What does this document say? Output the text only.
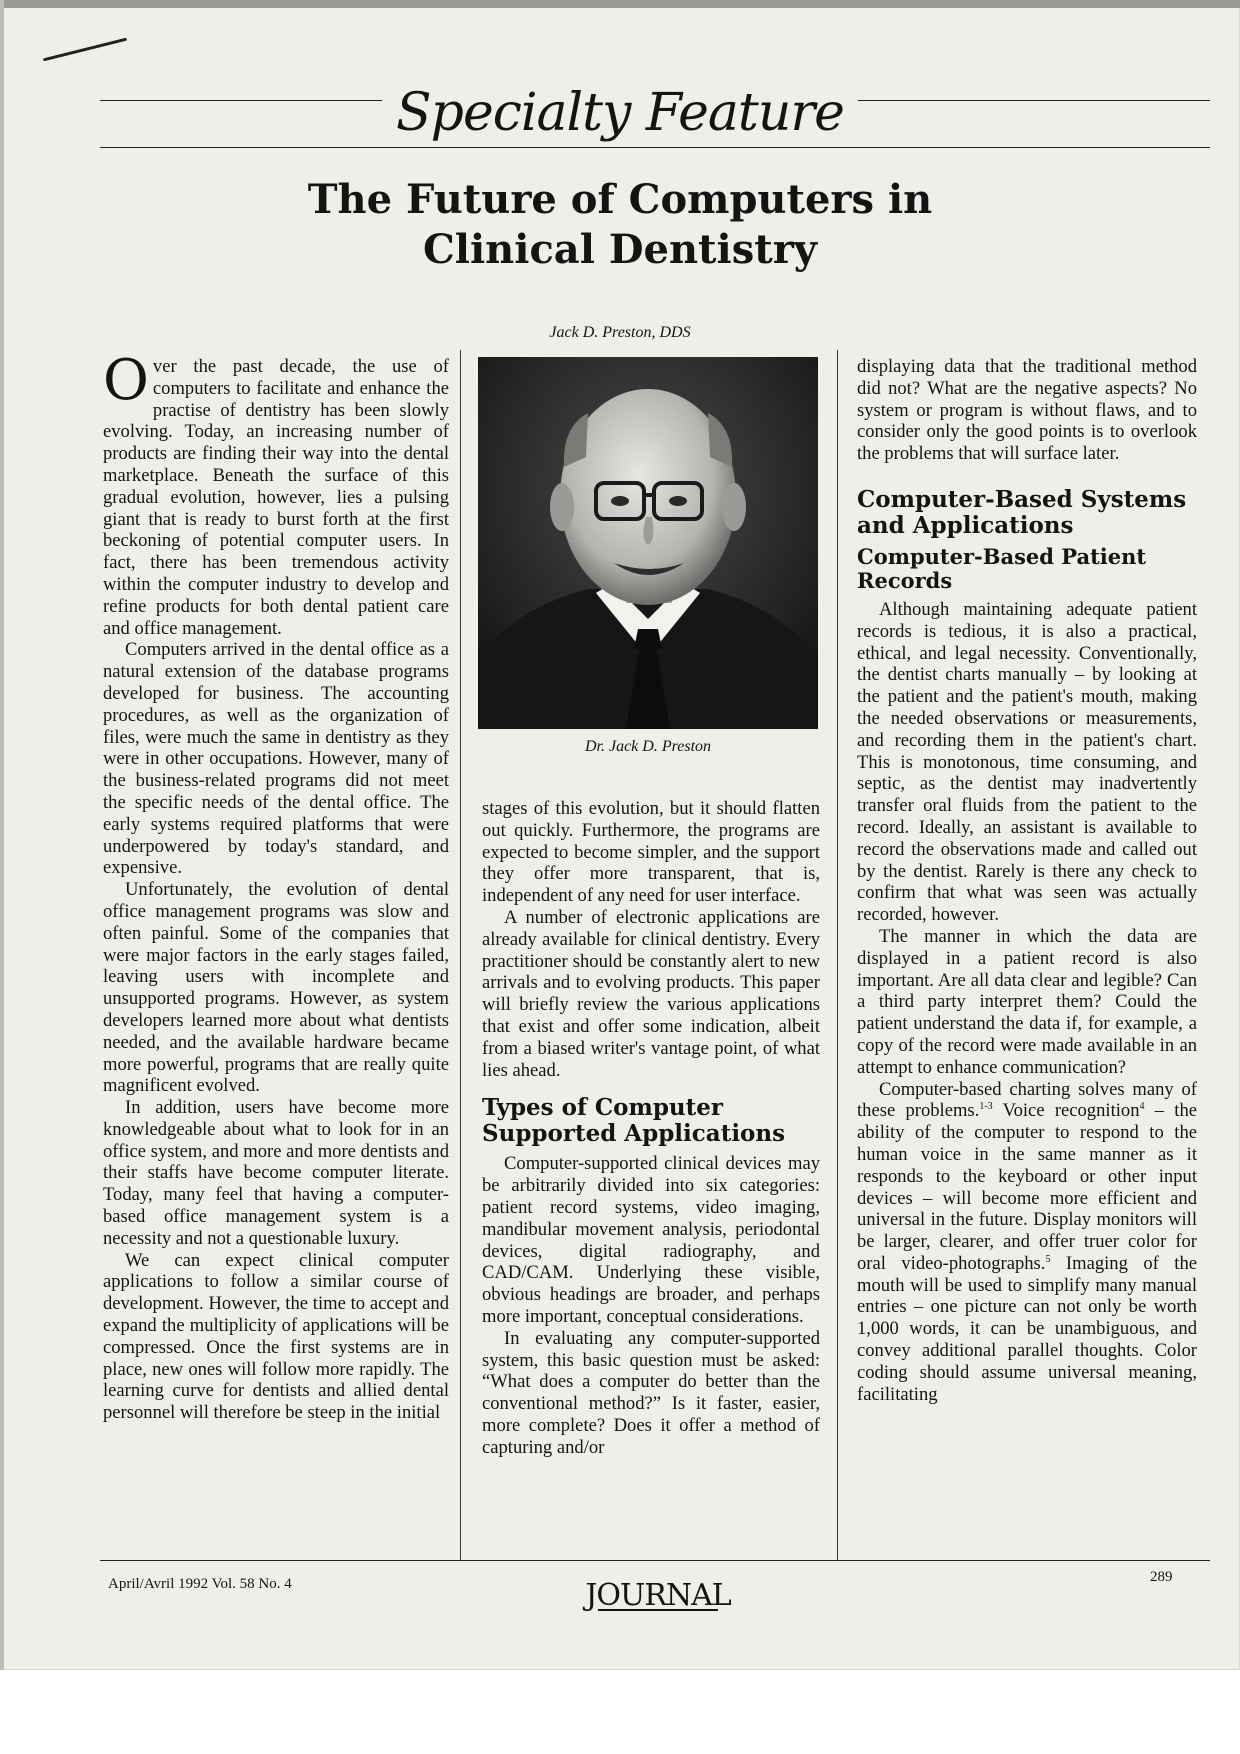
Specialty Feature
The Future of Computers in
Clinical Dentistry
Jack D. Preston, DDS

Over the past decade, the use of computers to facilitate and enhance the practise of dentistry has been slowly evolving. Today, an increasing number of products are finding their way into the dental marketplace. Beneath the surface of this gradual evolution, however, lies a pulsing giant that is ready to burst forth at the first beckoning of potential computer users. In fact, there has been tremendous activity within the computer industry to develop and refine products for both dental patient care and office management.

Computers arrived in the dental office as a natural extension of the database programs developed for business. The accounting procedures, as well as the organization of files, were much the same in dentistry as they were in other occupations. However, many of the business-related programs did not meet the specific needs of the dental office. The early systems required platforms that were underpowered by today's standard, and expensive.

Unfortunately, the evolution of dental office management programs was slow and often painful. Some of the companies that were major factors in the early stages failed, leaving users with incomplete and unsupported programs. However, as system developers learned more about what dentists needed, and the available hardware became more powerful, programs that are really quite magnificent evolved.

In addition, users have become more knowledgeable about what to look for in an office system, and more and more dentists and their staffs have become computer literate. Today, many feel that having a computer-based office management system is a necessity and not a questionable luxury.

We can expect clinical computer applications to follow a similar course of development. However, the time to accept and expand the multiplicity of applications will be compressed. Once the first systems are in place, new ones will follow more rapidly. The learning curve for dentists and allied dental personnel will therefore be steep in the initial

Dr. Jack D. Preston

stages of this evolution, but it should flatten out quickly. Furthermore, the programs are expected to become simpler, and the support they offer more transparent, that is, independent of any need for user interface.

A number of electronic applications are already available for clinical dentistry. Every practitioner should be constantly alert to new arrivals and to evolving products. This paper will briefly review the various applications that exist and offer some indication, albeit from a biased writer's vantage point, of what lies ahead.

Types of Computer Supported Applications

Computer-supported clinical devices may be arbitrarily divided into six categories: patient record systems, video imaging, mandibular movement analysis, periodontal devices, digital radiography, and CAD/CAM. Underlying these visible, obvious headings are broader, and perhaps more important, conceptual considerations.

In evaluating any computer-supported system, this basic question must be asked: “What does a computer do better than the conventional method?” Is it faster, easier, more complete? Does it offer a method of capturing and/or

displaying data that the traditional method did not? What are the negative aspects? No system or program is without flaws, and to consider only the good points is to overlook the problems that will surface later.

Computer-Based Systems and Applications
Computer-Based Patient Records

Although maintaining adequate patient records is tedious, it is also a practical, ethical, and legal necessity. Conventionally, the dentist charts manually – by looking at the patient and the patient's mouth, making the needed observations or measurements, and recording them in the patient's chart. This is monotonous, time consuming, and septic, as the dentist may inadvertently transfer oral fluids from the patient to the record. Ideally, an assistant is available to record the observations made and called out by the dentist. Rarely is there any check to confirm that what was seen was actually recorded, however.

The manner in which the data are displayed in a patient record is also important. Are all data clear and legible? Can a third party interpret them? Could the patient understand the data if, for example, a copy of the record were made available in an attempt to enhance communication?

Computer-based charting solves many of these problems.$^{1-3}$ Voice recognition$^4$ – the ability of the computer to respond to the human voice in the same manner as it responds to the keyboard or other input devices – will become more efficient and universal in the future. Display monitors will be larger, clearer, and offer truer color for oral video-photographs.$^5$ Imaging of the mouth will be used to simplify many manual entries – one picture can not only be worth 1,000 words, it can be unambiguous, and convey additional parallel thoughts. Color coding should assume universal meaning, facilitating

April/Avril 1992 Vol. 58 No. 4	JOURNAL
289
